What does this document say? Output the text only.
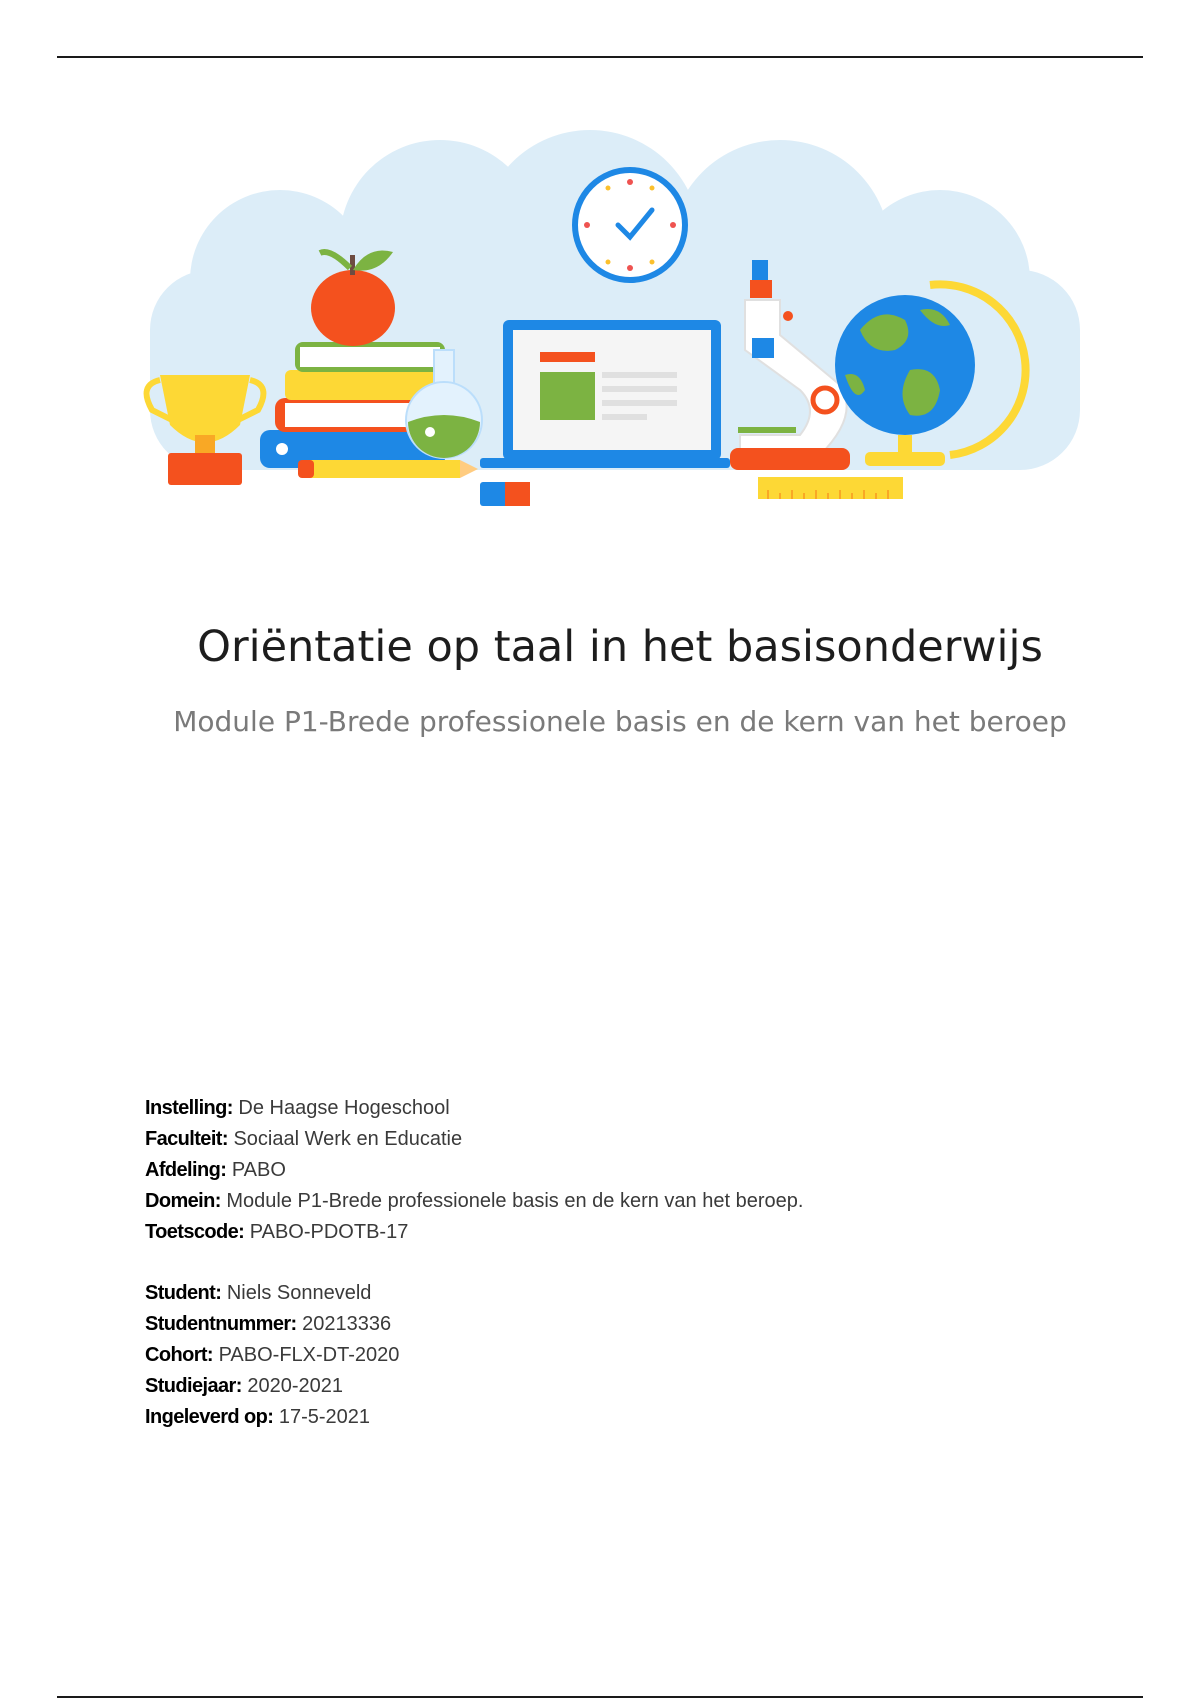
Oriëntatie op taal in het basisonderwijs
Module P1-Brede professionele basis en de kern van het beroep
Instelling: De Haagse Hogeschool
Faculteit: Sociaal Werk en Educatie
Afdeling: PABO
Domein: Module P1-Brede professionele basis en de kern van het beroep.
Toetscode: PABO-PDOTB-17
Student: Niels Sonneveld
Studentnummer: 20213336
Cohort: PABO-FLX-DT-2020
Studiejaar: 2020-2021
Ingeleverd op: 17-5-2021
